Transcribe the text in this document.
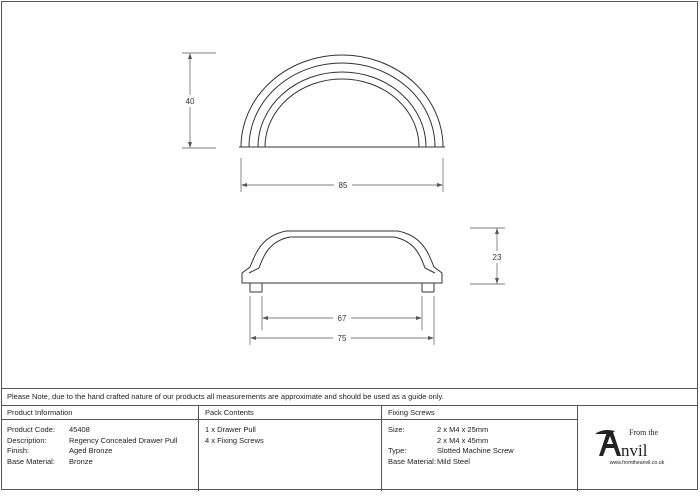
40
85
23
67
75
Please Note, due to the hand crafted nature of our products all measurements are approximate and should be used as a guide only.
Product Information
Product Code: 45408
Description:	Regency Concealed Drawer Pull
Finish:	Aged Bronze
Base Material: Bronze
Pack Contents
1 x Drawer Pull
4 x Fixing Screws
Fixing Screws
Size:	2 x M4 x 25mm
2 x M4 x 45mm
Type:	Slotted Machine Screw
Base Material: Mild Steel
From the
nvil
www.fromtheanvil.co.uk
